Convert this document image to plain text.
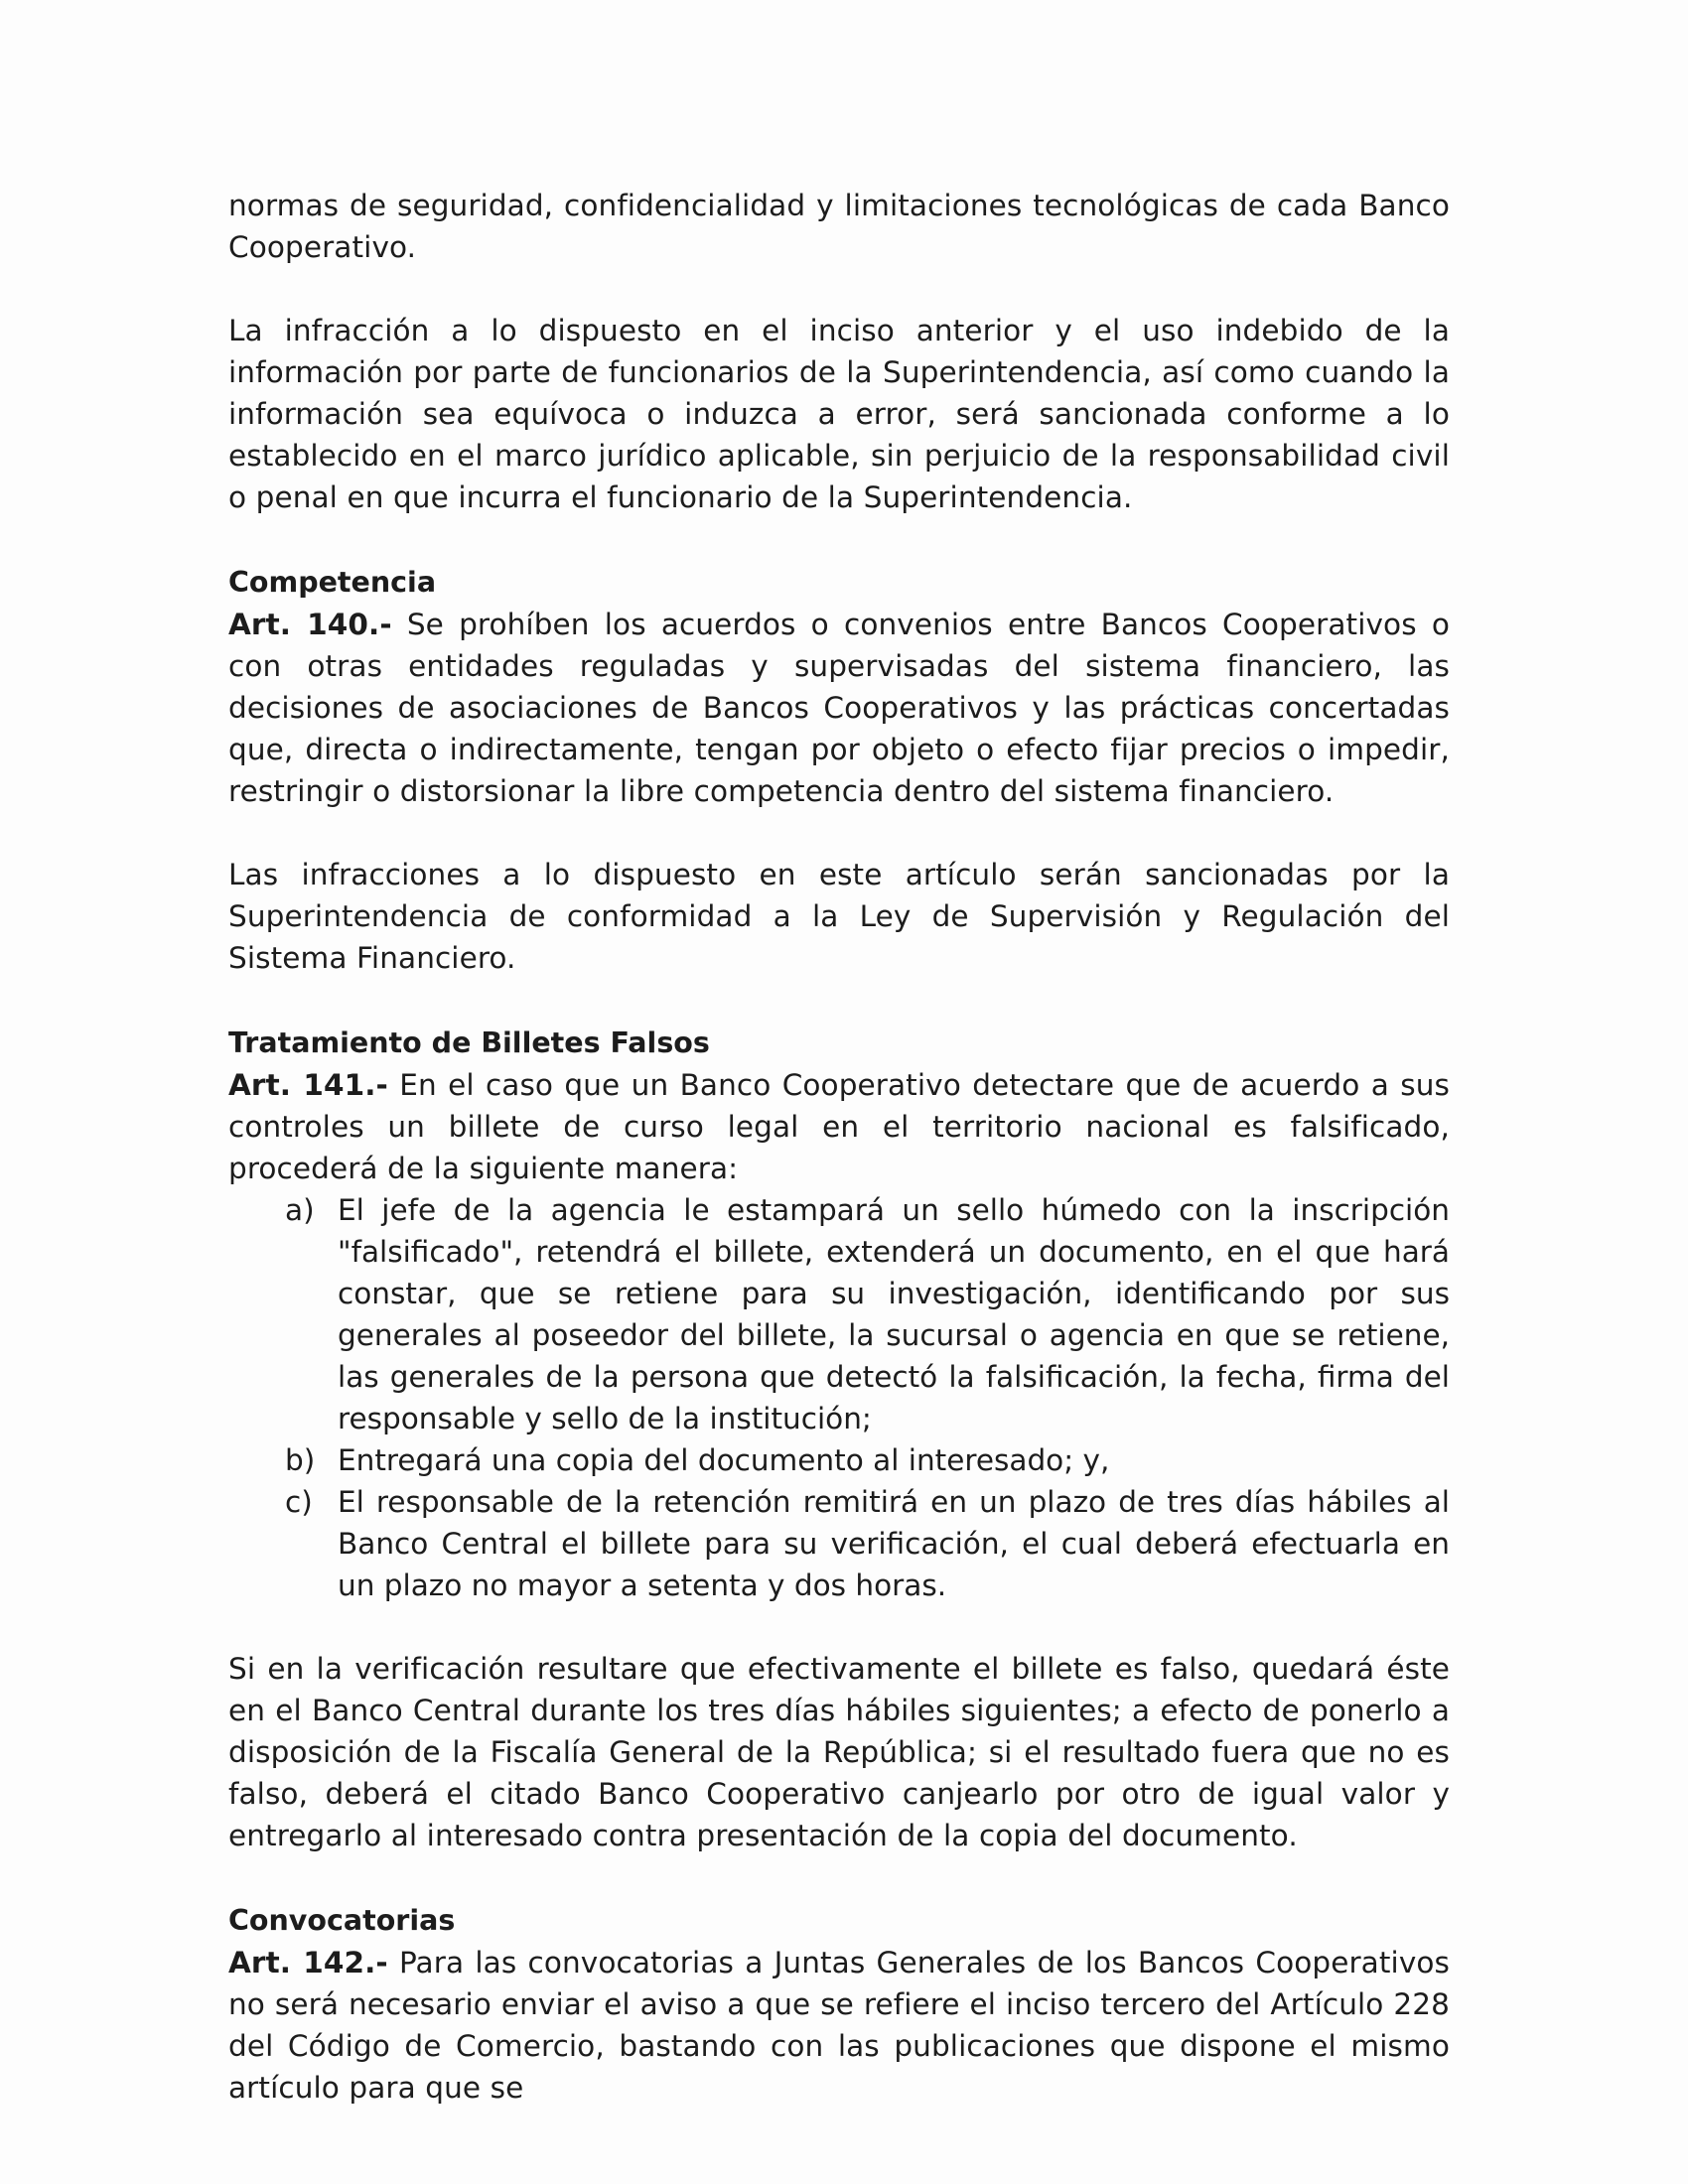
normas de seguridad, confidencialidad y limitaciones tecnológicas de cada Banco Cooperativo.

La infracción a lo dispuesto en el inciso anterior y el uso indebido de la información por parte de funcionarios de la Superintendencia, así como cuando la información sea equívoca o induzca a error, será sancionada conforme a lo establecido en el marco jurídico aplicable, sin perjuicio de la responsabilidad civil o penal en que incurra el funcionario de la Superintendencia.

Competencia

Art. 140.- Se prohíben los acuerdos o convenios entre Bancos Cooperativos o con otras entidades reguladas y supervisadas del sistema financiero, las decisiones de asociaciones de Bancos Cooperativos y las prácticas concertadas que, directa o indirectamente, tengan por objeto o efecto fijar precios o impedir, restringir o distorsionar la libre competencia dentro del sistema financiero.

Las infracciones a lo dispuesto en este artículo serán sancionadas por la Superintendencia de conformidad a la Ley de Supervisión y Regulación del Sistema Financiero.

Tratamiento de Billetes Falsos

Art. 141.- En el caso que un Banco Cooperativo detectare que de acuerdo a sus controles un billete de curso legal en el territorio nacional es falsificado, procederá de la siguiente manera:

a) El jefe de la agencia le estampará un sello húmedo con la inscripción "falsificado", retendrá el billete, extenderá un documento, en el que hará constar, que se retiene para su investigación, identificando por sus generales al poseedor del billete, la sucursal o agencia en que se retiene, las generales de la persona que detectó la falsificación, la fecha, firma del responsable y sello de la institución;
b) Entregará una copia del documento al interesado; y,
c) El responsable de la retención remitirá en un plazo de tres días hábiles al Banco Central el billete para su verificación, el cual deberá efectuarla en un plazo no mayor a setenta y dos horas.

Si en la verificación resultare que efectivamente el billete es falso, quedará éste en el Banco Central durante los tres días hábiles siguientes; a efecto de ponerlo a disposición de la Fiscalía General de la República; si el resultado fuera que no es falso, deberá el citado Banco Cooperativo canjearlo por otro de igual valor y entregarlo al interesado contra presentación de la copia del documento.

Convocatorias

Art. 142.- Para las convocatorias a Juntas Generales de los Bancos Cooperativos no será necesario enviar el aviso a que se refiere el inciso tercero del Artículo 228 del Código de Comercio, bastando con las publicaciones que dispone el mismo artículo para que se
